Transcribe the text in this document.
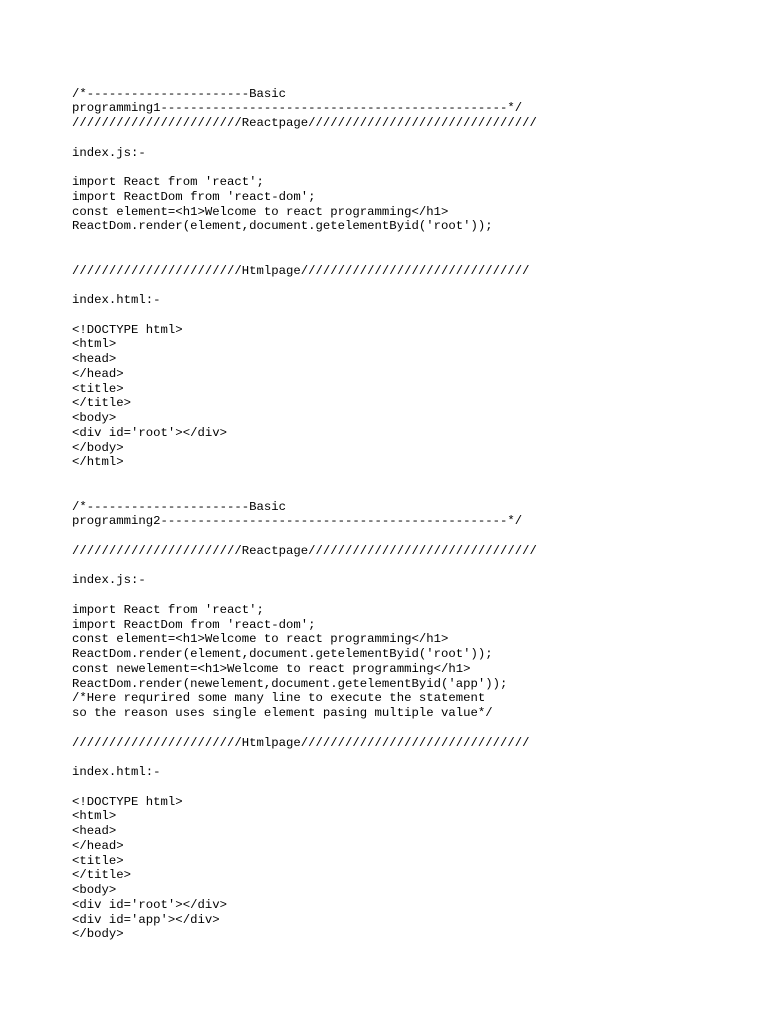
/*----------------------Basic
programming1-----------------------------------------------*/
///////////////////////Reactpage///////////////////////////////
index.js:-
import React from 'react';
import ReactDom from 'react-dom';
const element=<h1>Welcome to react programming</h1>
ReactDom.render(element,document.getelementByid('root'));
///////////////////////Htmlpage///////////////////////////////
index.html:-
<!DOCTYPE html>
<html>
<head>
</head>
<title>
</title>
<body>
<div id='root'></div>
</body>
</html>
/*----------------------Basic
programming2-----------------------------------------------*/
///////////////////////Reactpage///////////////////////////////
index.js:-
import React from 'react';
import ReactDom from 'react-dom';
const element=<h1>Welcome to react programming</h1>
ReactDom.render(element,document.getelementByid('root'));
const newelement=<h1>Welcome to react programming</h1>
ReactDom.render(newelement,document.getelementByid('app'));
/*Here requrired some many line to execute the statement
so the reason uses single element pasing multiple value*/
///////////////////////Htmlpage///////////////////////////////
index.html:-
<!DOCTYPE html>
<html>
<head>
</head>
<title>
</title>
<body>
<div id='root'></div>
<div id='app'></div>
</body>
